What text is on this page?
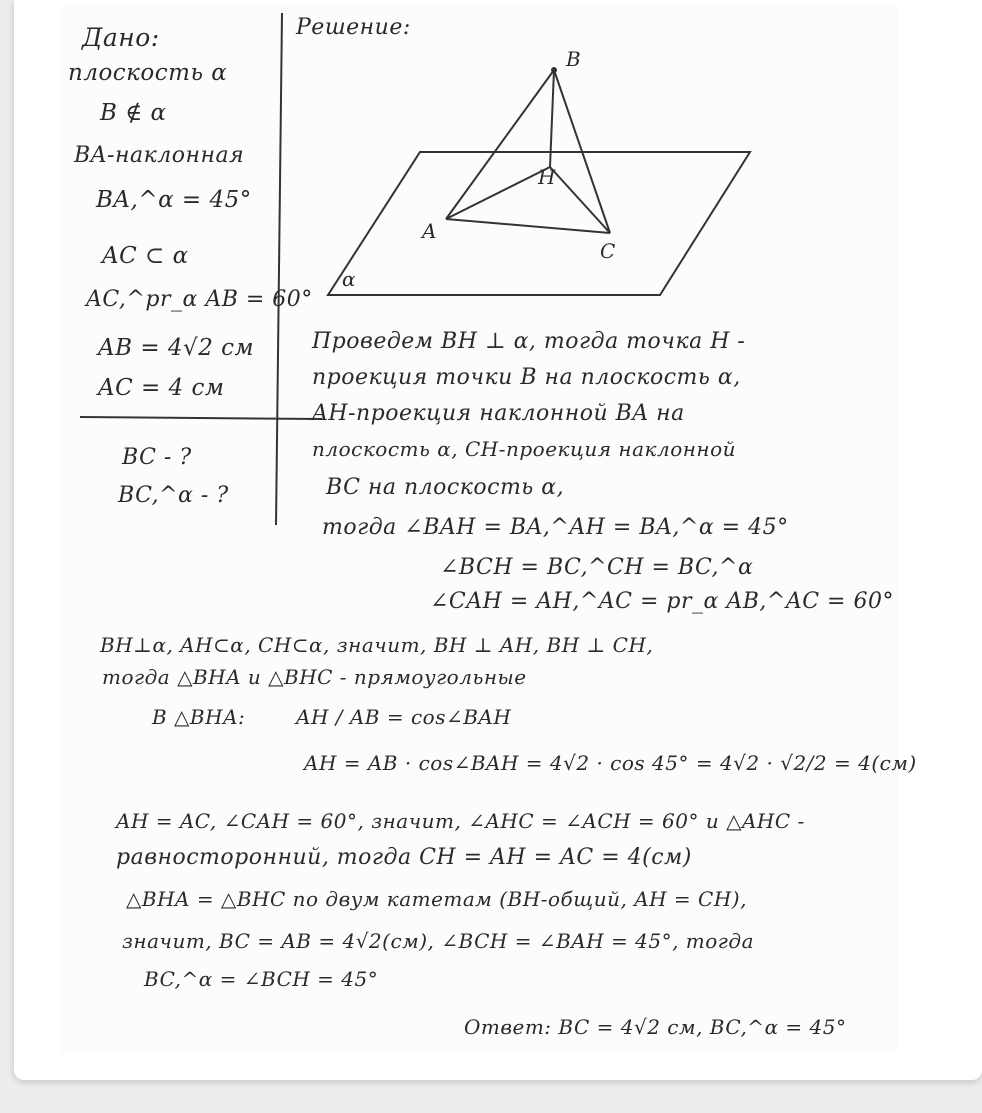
Дано:
плоскость α
B ∉ α
BA-наклонная
BA,^α = 45°
AC ⊂ α
AC,^pr_α AB = 60°
AB = 4√2 см
AC = 4 см
BC - ?
BC,^α - ?
Решение:
B
H
A
C
α
Проведем BH ⊥ α, тогда точка H -
проекция точки B на плоскость α,
AH-проекция наклонной BA на
плоскость α, CH-проекция наклонной
BC на плоскость α,
тогда ∠BAH = BA,^AH = BA,^α = 45°
∠BCH = BC,^CH = BC,^α
∠CAH = AH,^AC = pr_α AB,^AC = 60°
BH⊥α, AH⊂α, CH⊂α, значит, BH ⊥ AH, BH ⊥ CH,
тогда △BHA и △BHC - прямоугольные
В △BHA:	AH / AB = cos∠BAH
AH = AB · cos∠BAH = 4√2 · cos 45° = 4√2 · √2/2 = 4(см)
AH = AC, ∠CAH = 60°, значит, ∠AHC = ∠ACH = 60° и △AHC -
равносторонний, тогда CH = AH = AC = 4(см)
△BHA = △BHC по двум катетам (BH-общий, AH = CH),
значит, BC = AB = 4√2(см), ∠BCH = ∠BAH = 45°, тогда
BC,^α = ∠BCH = 45°
Ответ: BC = 4√2 см, BC,^α = 45°
